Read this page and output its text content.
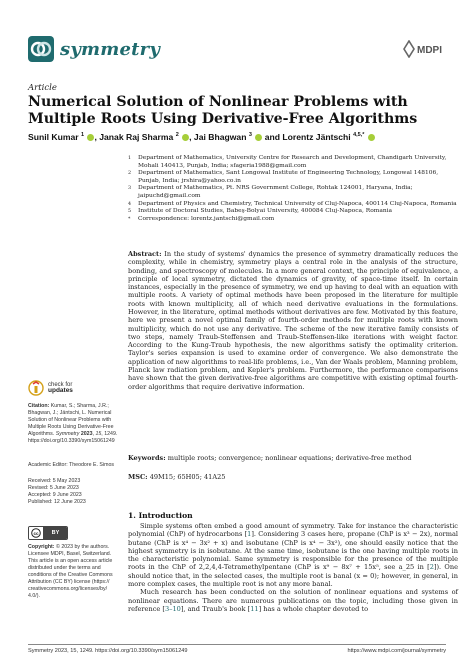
symmetry	MDPI
Article
Numerical Solution of Nonlinear Problems with Multiple Roots Using Derivative-Free Algorithms
Sunil Kumar $^1$ , Janak Raj Sharma $^2$ , Jai Bhagwan $^3$  and Lorentz Jäntschi $^{4,5,*}$
1	Department of Mathematics, University Centre for Research and Development, Chandigarh University, Mohali 140413, Punjab, India; sfageria1988@gmail.com
2	Department of Mathematics, Sant Longowal Institute of Engineering Technology, Longowal 148106, Punjab, India; jrshira@yahoo.co.in
3	Department of Mathematics, Pt. NRS Government College, Rohtak 124001, Haryana, India; jaipuchd@gmail.com
4	Department of Physics and Chemistry, Technical University of Cluj-Napoca, 400114 Cluj-Napoca, Romania
5	Institute of Doctoral Studies, Babeş-Bolyai University, 400084 Cluj-Napoca, Romania
*	Correspondence: lorentz.jantschi@gmail.com
Abstract: In the study of systems' dynamics the presence of symmetry dramatically reduces the complexity, while in chemistry, symmetry plays a central role in the analysis of the structure, bonding, and spectroscopy of molecules. In a more general context, the principle of equivalence, a principle of local symmetry, dictated the dynamics of gravity, of space-time itself. In certain instances, especially in the presence of symmetry, we end up having to deal with an equation with multiple roots. A variety of optimal methods have been proposed in the literature for multiple roots with known multiplicity, all of which need derivative evaluations in the formulations. However, in the literature, optimal methods without derivatives are few. Motivated by this feature, here we present a novel optimal family of fourth-order methods for multiple roots with known multiplicity, which do not use any derivative. The scheme of the new iterative family consists of two steps, namely Traub-Steffensen and Traub-Steffensen-like iterations with weight factor. According to the Kung-Traub hypothesis, the new algorithms satisfy the optimality criterion. Taylor's series expansion is used to examine order of convergence. We also demonstrate the application of new algorithms to real-life problems, i.e., Van der Waals problem, Manning problem, Planck law radiation problem, and Kepler's problem. Furthermore, the performance comparisons have shown that the given derivative-free algorithms are competitive with existing optimal fourth-order algorithms that require derivative information.
Keywords: multiple roots; convergence; nonlinear equations; derivative-free method
MSC: 49M15; 65H05; 41A25
check for
updates
Citation: Kumar, S.; Sharma, J.R.; Bhagwan, J.; Jäntschi, L. Numerical Solution of Nonlinear Problems with Multiple Roots Using Derivative-Free Algorithms. Symmetry 2023, 15, 1249. https://doi.org/10.3390/sym15061249
Academic Editor: Theodore E. Simos
Received: 5 May 2023
Revised: 5 June 2023
Accepted: 9 June 2023
Published: 12 June 2023
cc	BY
Copyright: © 2023 by the authors. Licensee MDPI, Basel, Switzerland. This article is an open access article distributed under the terms and conditions of the Creative Commons Attribution (CC BY) license (https:// creativecommons.org/licenses/by/ 4.0/).
1. Introduction

Simple systems often embed a good amount of symmetry. Take for instance the characteristic polynomial (ChP) of hydrocarbons [1]. Considering 3 cases here, propane (ChP is x³ − 2x), normal butane (ChP is x⁴ − 3x² + x) and isobutane (ChP is x⁴ − 3x²), one should easily notice that the highest symmetry is in isobutane. At the same time, isobutane is the one having multiple roots in the characteristic polynomial. Same symmetry is responsible for the presence of the multiple roots in the ChP of 2,2,4,4-Tetramethylpentane (ChP is x⁹ − 8x⁷ + 15x⁵, see a_25 in [2]). One should notice that, in the selected cases, the multiple root is banal (x = 0); however, in general, in more complex cases, the multiple root is not any more banal.

Much research has been conducted on the solution of nonlinear equations and systems of nonlinear equations. There are numerous publications on the topic, including those given in reference [3–10], and Traub's book [11] has a whole chapter devoted to

Symmetry 2023, 15, 1249. https://doi.org/10.3390/sym15061249	https://www.mdpi.com/journal/symmetry
